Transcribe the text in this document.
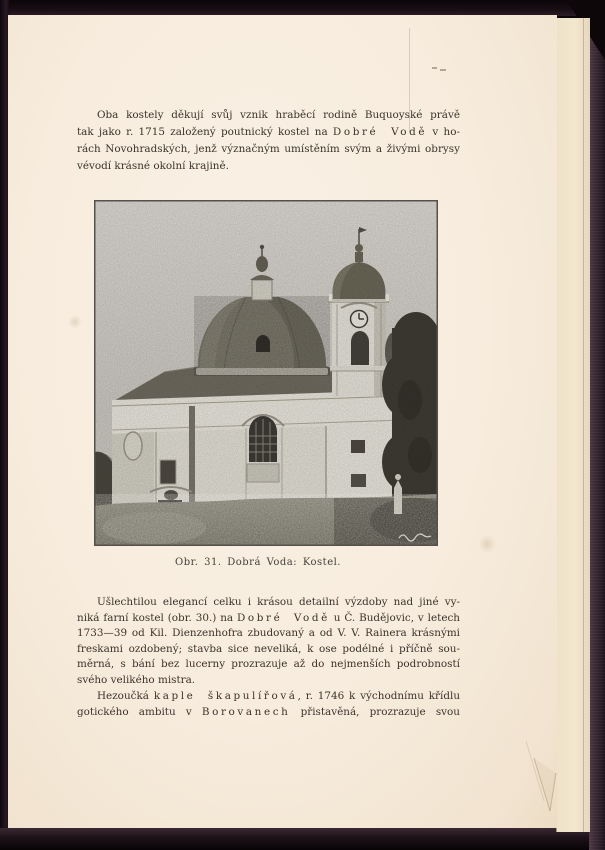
Oba kostely děkují svůj vznik hraběcí rodině Buquoyské právě
tak jako r. 1715 založený poutnický kostel na Dobré Vodě v ho-
rách Novohradských, jenž význačným umístěním svým a živými obrysy
vévodí krásné okolní krajině.
Obr. 31. Dobrá Voda: Kostel.
Ušlechtilou elegancí celku i krásou detailní výzdoby nad jiné vy-
niká farní kostel (obr. 30.) na Dobré Vodě u Č. Budějovic, v letech
1733—39 od Kil. Dienzenhofra zbudovaný a od V. V. Rainera krásnými
freskami ozdobený; stavba sice neveliká, k ose podélné i příčně sou-
měrná, s bání bez lucerny prozrazuje až do nejmenších podrobností
svého velikého mistra.
Hezoučká kaple škapulířová, r. 1746 k východnímu křídlu
gotického ambitu v Borovanech přistavěná, prozrazuje svou
